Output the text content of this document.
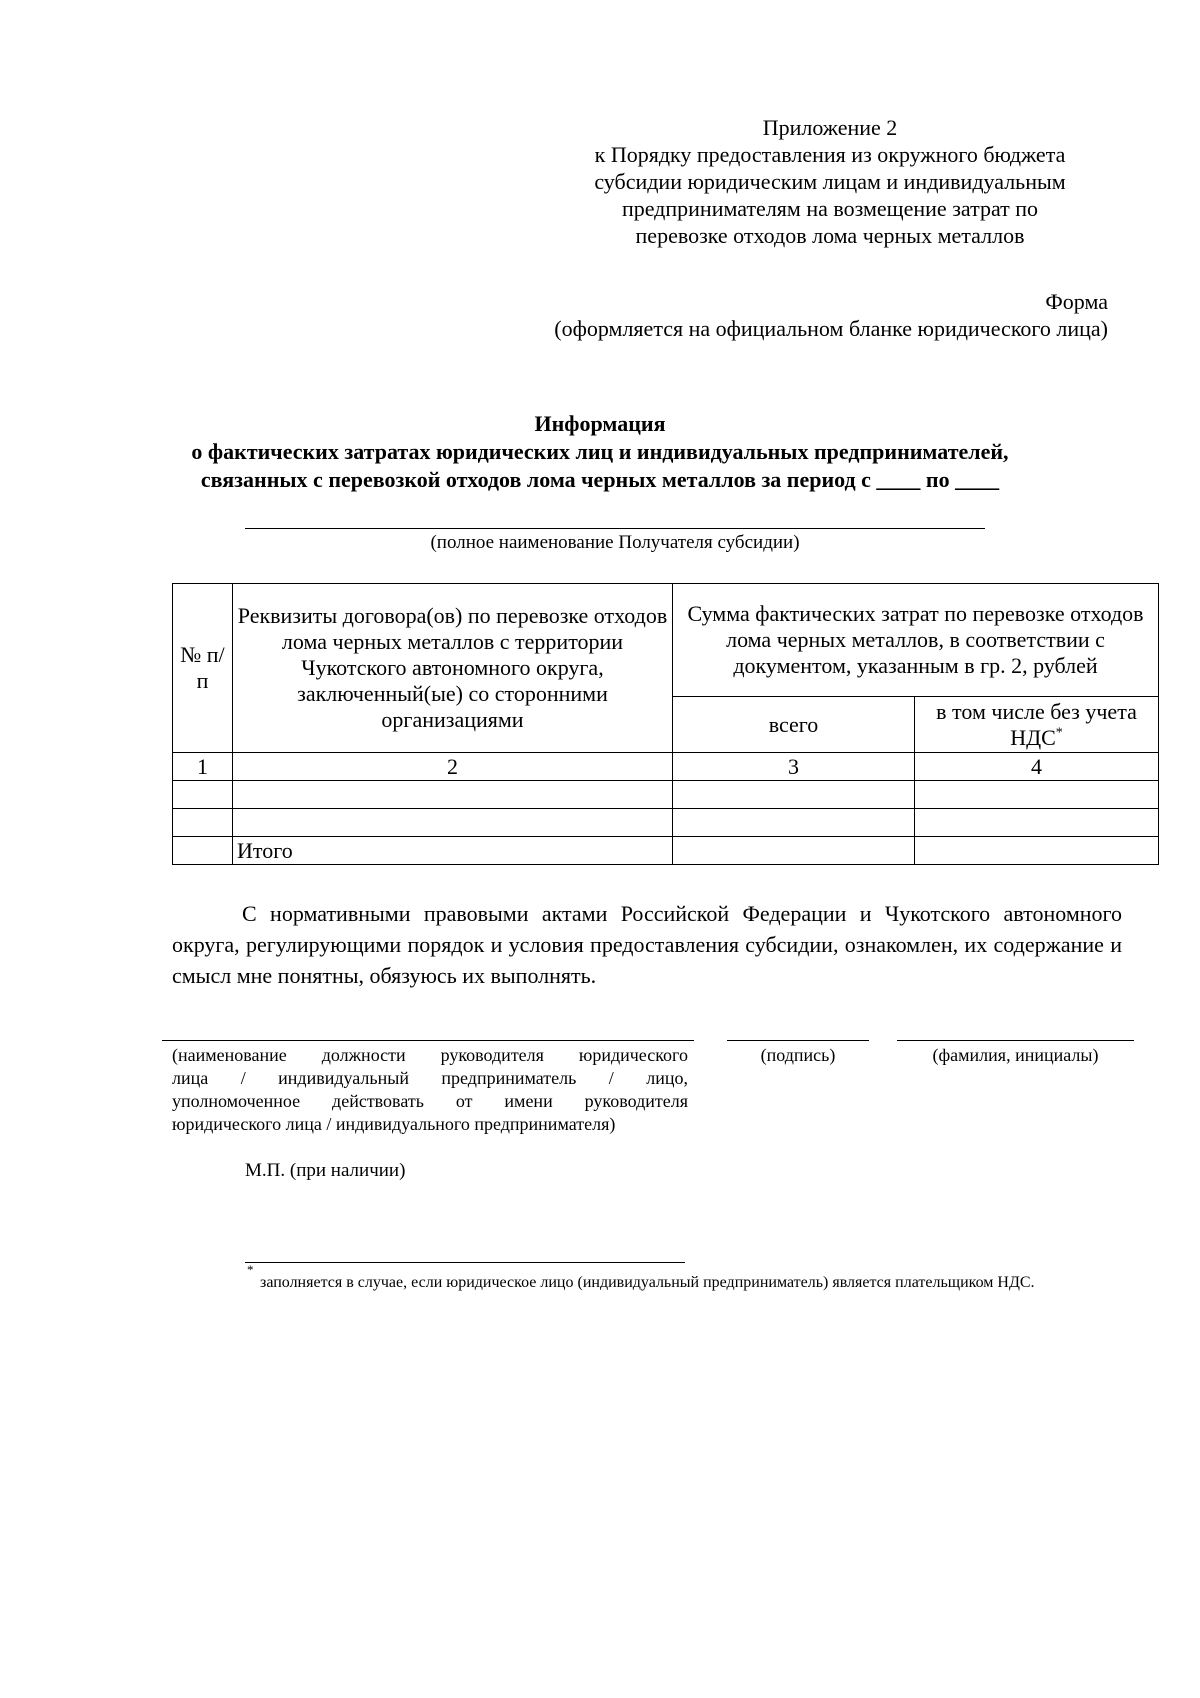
Приложение 2
к Порядку предоставления из окружного бюджета
субсидии юридическим лицам и индивидуальным
предпринимателям на возмещение затрат по
перевозке отходов лома черных металлов
Форма
(оформляется на официальном бланке юридического лица)
Информация
о фактических затратах юридических лиц и индивидуальных предпринимателей,
связанных с перевозкой отходов лома черных металлов за период с ____ по ____
(полное наименование Получателя субсидии)
№ п/п	Реквизиты договора(ов) по перевозке отходов лома черных металлов с территории Чукотского автономного округа, заключенный(ые) со сторонними организациями	Сумма фактических затрат по перевозке отходов лома черных металлов, в соответствии с документом, указанным в гр. 2, рублей	
		всего	в том числе без учета НДС*
1	2	3	4

	Итого		

С нормативными правовыми актами Российской Федерации и Чукотского автономного округа, регулирующими порядок и условия предоставления субсидии, ознакомлен, их содержание и смысл мне понятны, обязуюсь их выполнять.

(наименование должности руководителя юридического
лица / индивидуальный предприниматель / лицо,
уполномоченное действовать от имени руководителя
юридического лица / индивидуального предпринимателя)
(подпись)	(фамилия, инициалы)
М.П. (при наличии)
*
заполняется в случае, если юридическое лицо (индивидуальный предприниматель) является плательщиком НДС.
